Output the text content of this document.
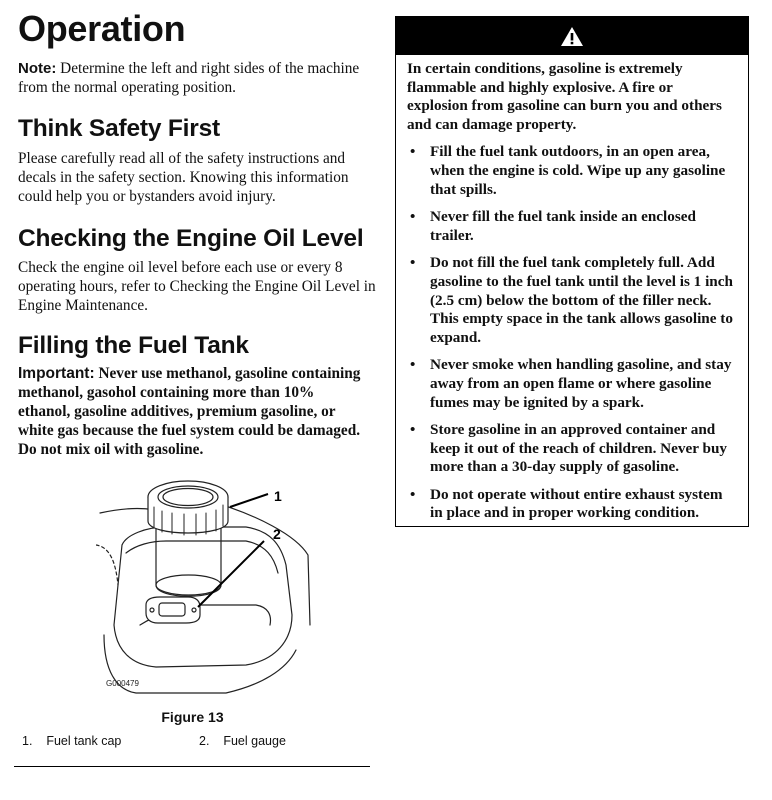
Operation

Note: Determine the left and right sides of the machine from the normal operating position.

Think Safety First

Please carefully read all of the safety instructions and decals in the safety section. Knowing this information could help you or bystanders avoid injury.

Checking the Engine Oil Level

Check the engine oil level before each use or every 8 operating hours, refer to Checking the Engine Oil Level in Engine Maintenance.

Filling the Fuel Tank

Important: Never use methanol, gasoline containing methanol, gasohol containing more than 10% ethanol, gasoline additives, premium gasoline, or white gas because the fuel system could be damaged. Do not mix oil with gasoline.

1
2
G000479
Figure 13
1. Fuel tank cap	2. Fuel gauge

In certain conditions, gasoline is extremely flammable and highly explosive. A fire or explosion from gasoline can burn you and others and can damage property.

• Fill the fuel tank outdoors, in an open area, when the engine is cold. Wipe up any gasoline that spills.
• Never fill the fuel tank inside an enclosed trailer.
• Do not fill the fuel tank completely full. Add gasoline to the fuel tank until the level is 1 inch (2.5 cm) below the bottom of the filler neck. This empty space in the tank allows gasoline to expand.
• Never smoke when handling gasoline, and stay away from an open flame or where gasoline fumes may be ignited by a spark.
• Store gasoline in an approved container and keep it out of the reach of children. Never buy more than a 30-day supply of gasoline.
• Do not operate without entire exhaust system in place and in proper working condition.
